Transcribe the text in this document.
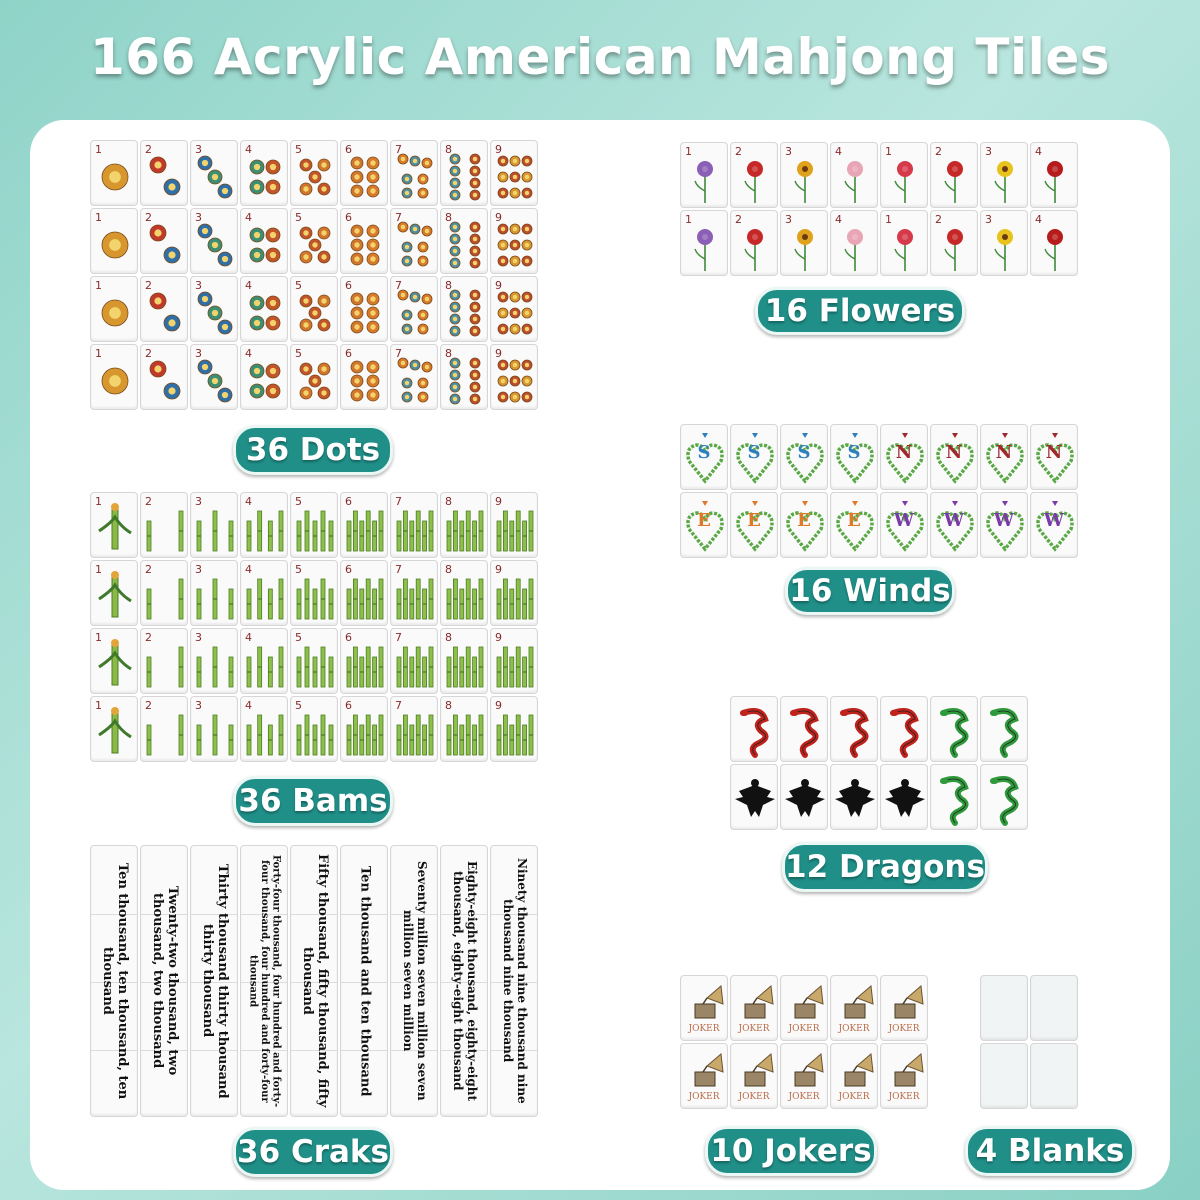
166 Acrylic American Mahjong Tiles
1	2	3	4	5	6	7	8	9
1	2	3	4	5	6	7	8	9
1	2	3	4	5	6	7	8	9
1	2	3	4	5	6	7	8	9
36 Dots
1	2	3	4	5	6	7	8	9
1	2	3	4	5	6	7	8	9
1	2	3	4	5	6	7	8	9
1	2	3	4	5	6	7	8	9
36 Bams
Ten thousand, ten thousand, ten thousand	Twenty-two thousand, two thousand, two thousand	Thirty thousand thirty thousand thirty thousand	Forty-four thousand, four hundred and forty-four thousand, four hundred and forty-four thousand	Fifty thousand, fifty thousand, fifty thousand	Ten thousand and ten thousand	Seventy million seven million seven million seven million	Eighty-eight thousand, eighty-eight thousand, eighty-eight thousand	Ninety thousand nine thousand nine thousand nine thousand
36 Craks
1	2	3	4	1	2	3	4
1	2	3	4	1	2	3	4
16 Flowers
S	S	S	S	N	N	N	N
E	E	E	E	W	W	W	W
16 Winds
12 Dragons
JOKER	JOKER	JOKER	JOKER	JOKER
JOKER	JOKER	JOKER	JOKER	JOKER
10 Jokers	4 Blanks
